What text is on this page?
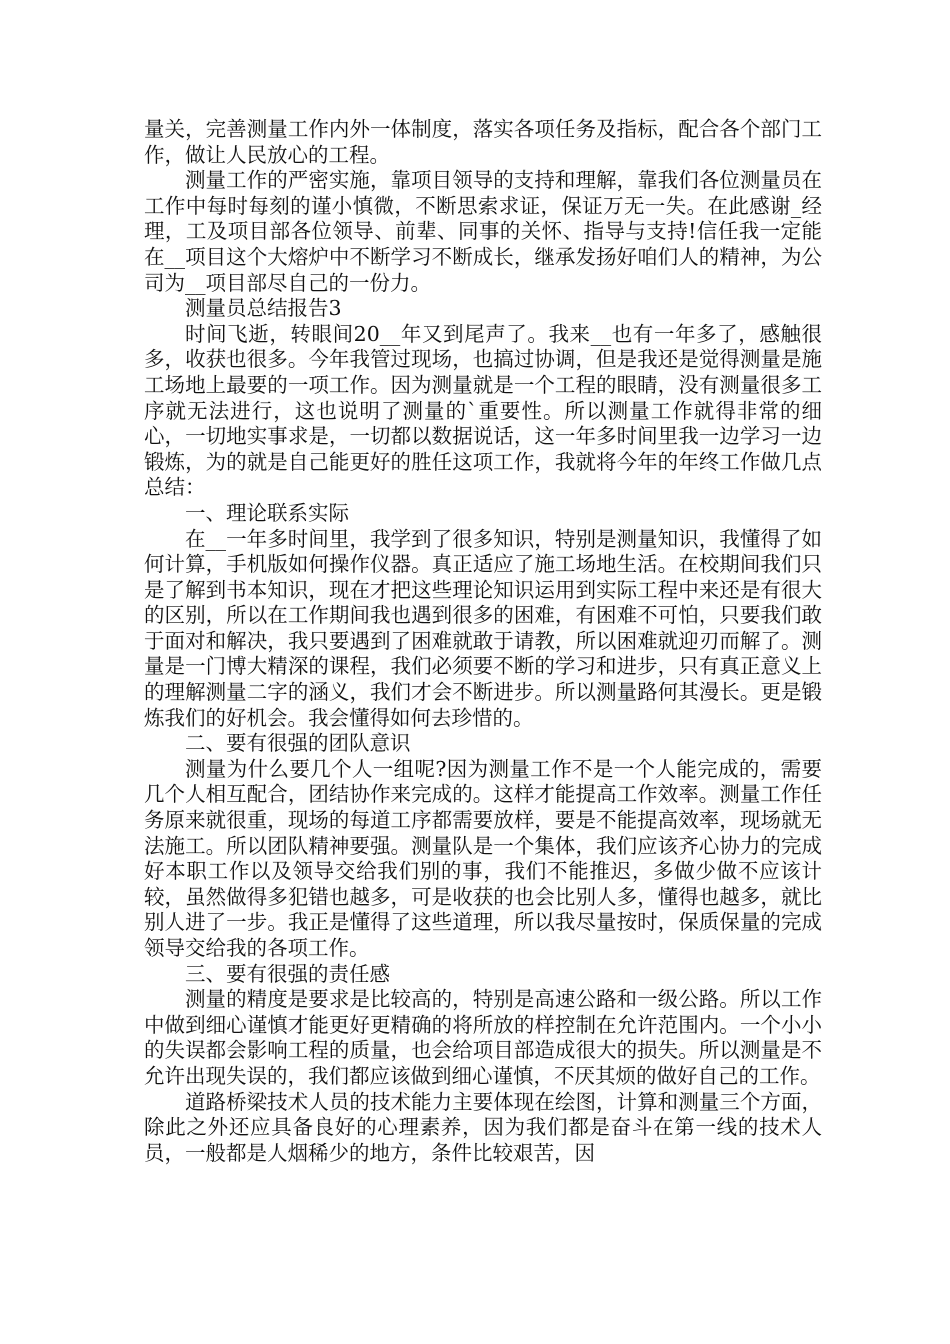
量关，完善测量工作内外一体制度，落实各项任务及指标，配合各个部门工作，做让人民放心的工程。

测量工作的严密实施，靠项目领导的支持和理解，靠我们各位测量员在工作中每时每刻的谨小慎微，不断思索求证，保证万无一失。在此感谢_经理，工及项目部各位领导、前辈、同事的关怀、指导与支持!信任我一定能在__项目这个大熔炉中不断学习不断成长，继承发扬好咱们人的精神，为公司为__项目部尽自己的一份力。

测量员总结报告3

时间飞逝，转眼间20__年又到尾声了。我来__也有一年多了，感触很多，收获也很多。今年我管过现场，也搞过协调，但是我还是觉得测量是施工场地上最要的一项工作。因为测量就是一个工程的眼睛，没有测量很多工序就无法进行，这也说明了测量的`重要性。所以测量工作就得非常的细心，一切地实事求是，一切都以数据说话，这一年多时间里我一边学习一边锻炼，为的就是自己能更好的胜任这项工作，我就将今年的年终工作做几点总结：

一、理论联系实际

在__一年多时间里，我学到了很多知识，特别是测量知识，我懂得了如何计算，手机版如何操作仪器。真正适应了施工场地生活。在校期间我们只是了解到书本知识，现在才把这些理论知识运用到实际工程中来还是有很大的区别，所以在工作期间我也遇到很多的困难，有困难不可怕，只要我们敢于面对和解决，我只要遇到了困难就敢于请教，所以困难就迎刃而解了。测量是一门博大精深的课程，我们必须要不断的学习和进步，只有真正意义上的理解测量二字的涵义，我们才会不断进步。所以测量路何其漫长。更是锻炼我们的好机会。我会懂得如何去珍惜的。

二、要有很强的团队意识

测量为什么要几个人一组呢?因为测量工作不是一个人能完成的，需要几个人相互配合，团结协作来完成的。这样才能提高工作效率。测量工作任务原来就很重，现场的每道工序都需要放样，要是不能提高效率，现场就无法施工。所以团队精神要强。测量队是一个集体，我们应该齐心协力的完成好本职工作以及领导交给我们别的事，我们不能推迟，多做少做不应该计较，虽然做得多犯错也越多，可是收获的也会比别人多，懂得也越多，就比别人进了一步。我正是懂得了这些道理，所以我尽量按时，保质保量的完成领导交给我的各项工作。

三、要有很强的责任感

测量的精度是要求是比较高的，特别是高速公路和一级公路。所以工作中做到细心谨慎才能更好更精确的将所放的样控制在允许范围内。一个小小的失误都会影响工程的质量，也会给项目部造成很大的损失。所以测量是不允许出现失误的，我们都应该做到细心谨慎，不厌其烦的做好自己的工作。

道路桥梁技术人员的技术能力主要体现在绘图，计算和测量三个方面，除此之外还应具备良好的心理素养，因为我们都是奋斗在第一线的技术人员，一般都是人烟稀少的地方，条件比较艰苦，因
